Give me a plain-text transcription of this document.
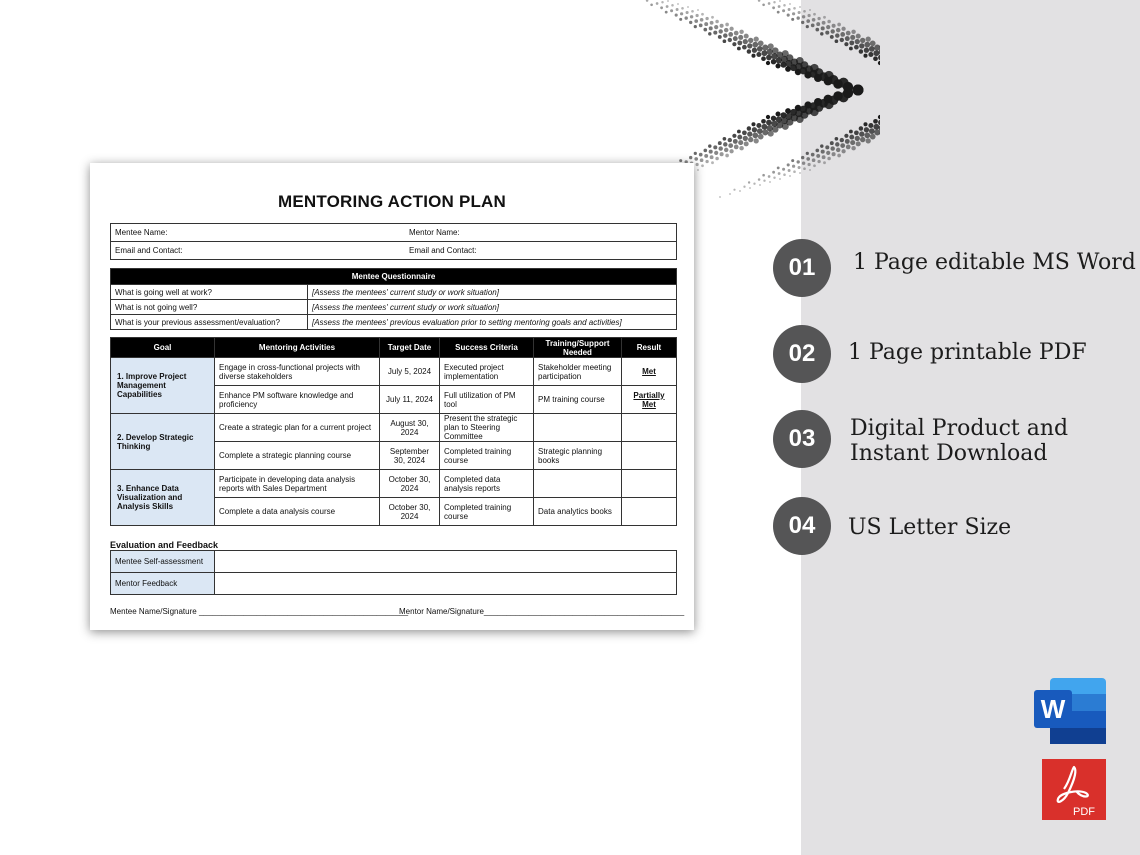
MENTORING ACTION PLAN
Mentee Name:	Mentor Name:
Email and Contact:	Email and Contact:
Mentee Questionnaire	
What is going well at work?	[Assess the mentees' current study or work situation]
What is not going well?	[Assess the mentees' current study or work situation]
What is your previous assessment/evaluation?	[Assess the mentees' previous evaluation prior to setting mentoring goals and activities]
Goal	Mentoring Activities	Target Date	Success Criteria	Training/Support Needed	Result
1. Improve Project Management Capabilities	Engage in cross-functional projects with diverse stakeholders	July 5, 2024	Executed project implementation	Stakeholder meeting participation	Met
	Enhance PM software knowledge and proficiency	July 11, 2024	Full utilization of PM tool	PM training course	Partially Met
2. Develop Strategic Thinking	Create a strategic plan for a current project	August 30, 2024	Present the strategic plan to Steering Committee		
	Complete a strategic planning course	September 30, 2024	Completed training course	Strategic planning books	
3. Enhance Data Visualization and Analysis Skills	Participate in developing data analysis reports with Sales Department	October 30, 2024	Completed data analysis reports		
	Complete a data analysis course	October 30, 2024	Completed training course	Data analytics books	
Evaluation and Feedback
Mentee Self-assessment	
Mentor Feedback	
Mentee Name/Signature _______________________________________________Mentor Name/Signature_____________________________________________
01	1 Page editable MS Word
02	1 Page printable PDF
03	Digital Product and
Instant Download
04	US Letter Size
W
PDF
